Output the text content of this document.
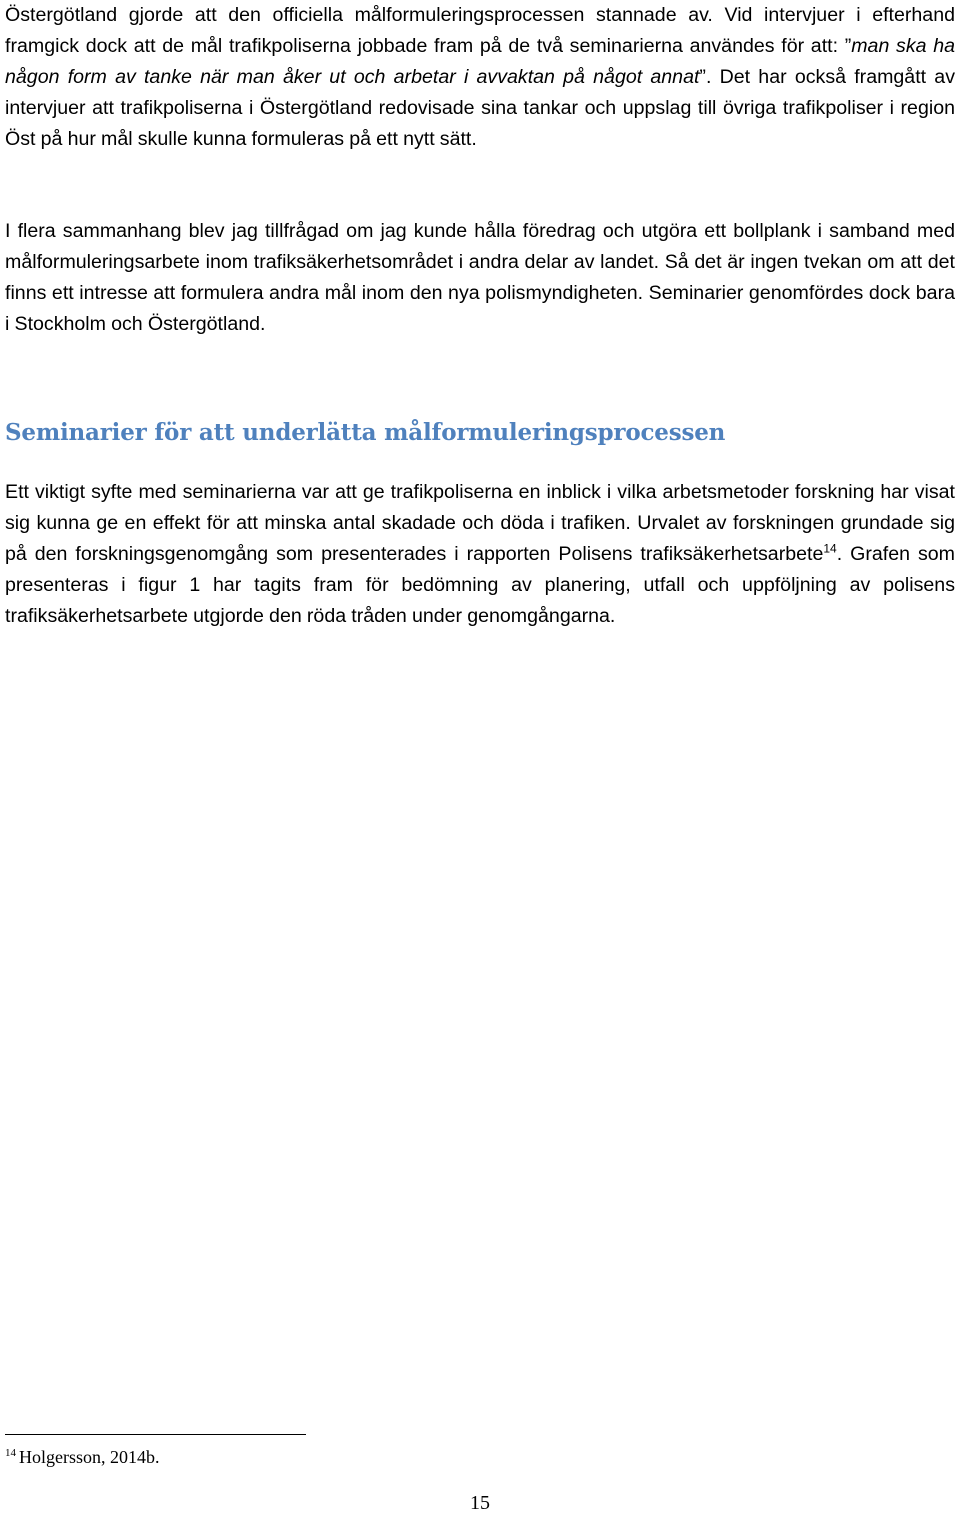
Östergötland gjorde att den officiella målformuleringsprocessen stannade av. Vid intervjuer i efterhand framgick dock att de mål trafikpoliserna jobbade fram på de två seminarierna användes för att: ”man ska ha någon form av tanke när man åker ut och arbetar i avvaktan på något annat”. Det har också framgått av intervjuer att trafikpoliserna i Östergötland redovisade sina tankar och uppslag till övriga trafikpoliser i region Öst på hur mål skulle kunna formuleras på ett nytt sätt.

I flera sammanhang blev jag tillfrågad om jag kunde hålla föredrag och utgöra ett bollplank i samband med målformuleringsarbete inom trafiksäkerhetsområdet i andra delar av landet. Så det är ingen tvekan om att det finns ett intresse att formulera andra mål inom den nya polismyndigheten. Seminarier genomfördes dock bara i Stockholm och Östergötland.

Seminarier för att underlätta målformuleringsprocessen

Ett viktigt syfte med seminarierna var att ge trafikpoliserna en inblick i vilka arbetsmetoder forskning har visat sig kunna ge en effekt för att minska antal skadade och döda i trafiken. Urvalet av forskningen grundade sig på den forskningsgenomgång som presenterades i rapporten Polisens trafiksäkerhetsarbete$^{14}$. Grafen som presenteras i figur 1 har tagits fram för bedömning av planering, utfall och uppföljning av polisens trafiksäkerhetsarbete utgjorde den röda tråden under genomgångarna.

$^{14}$ Holgersson, 2014b.

15
